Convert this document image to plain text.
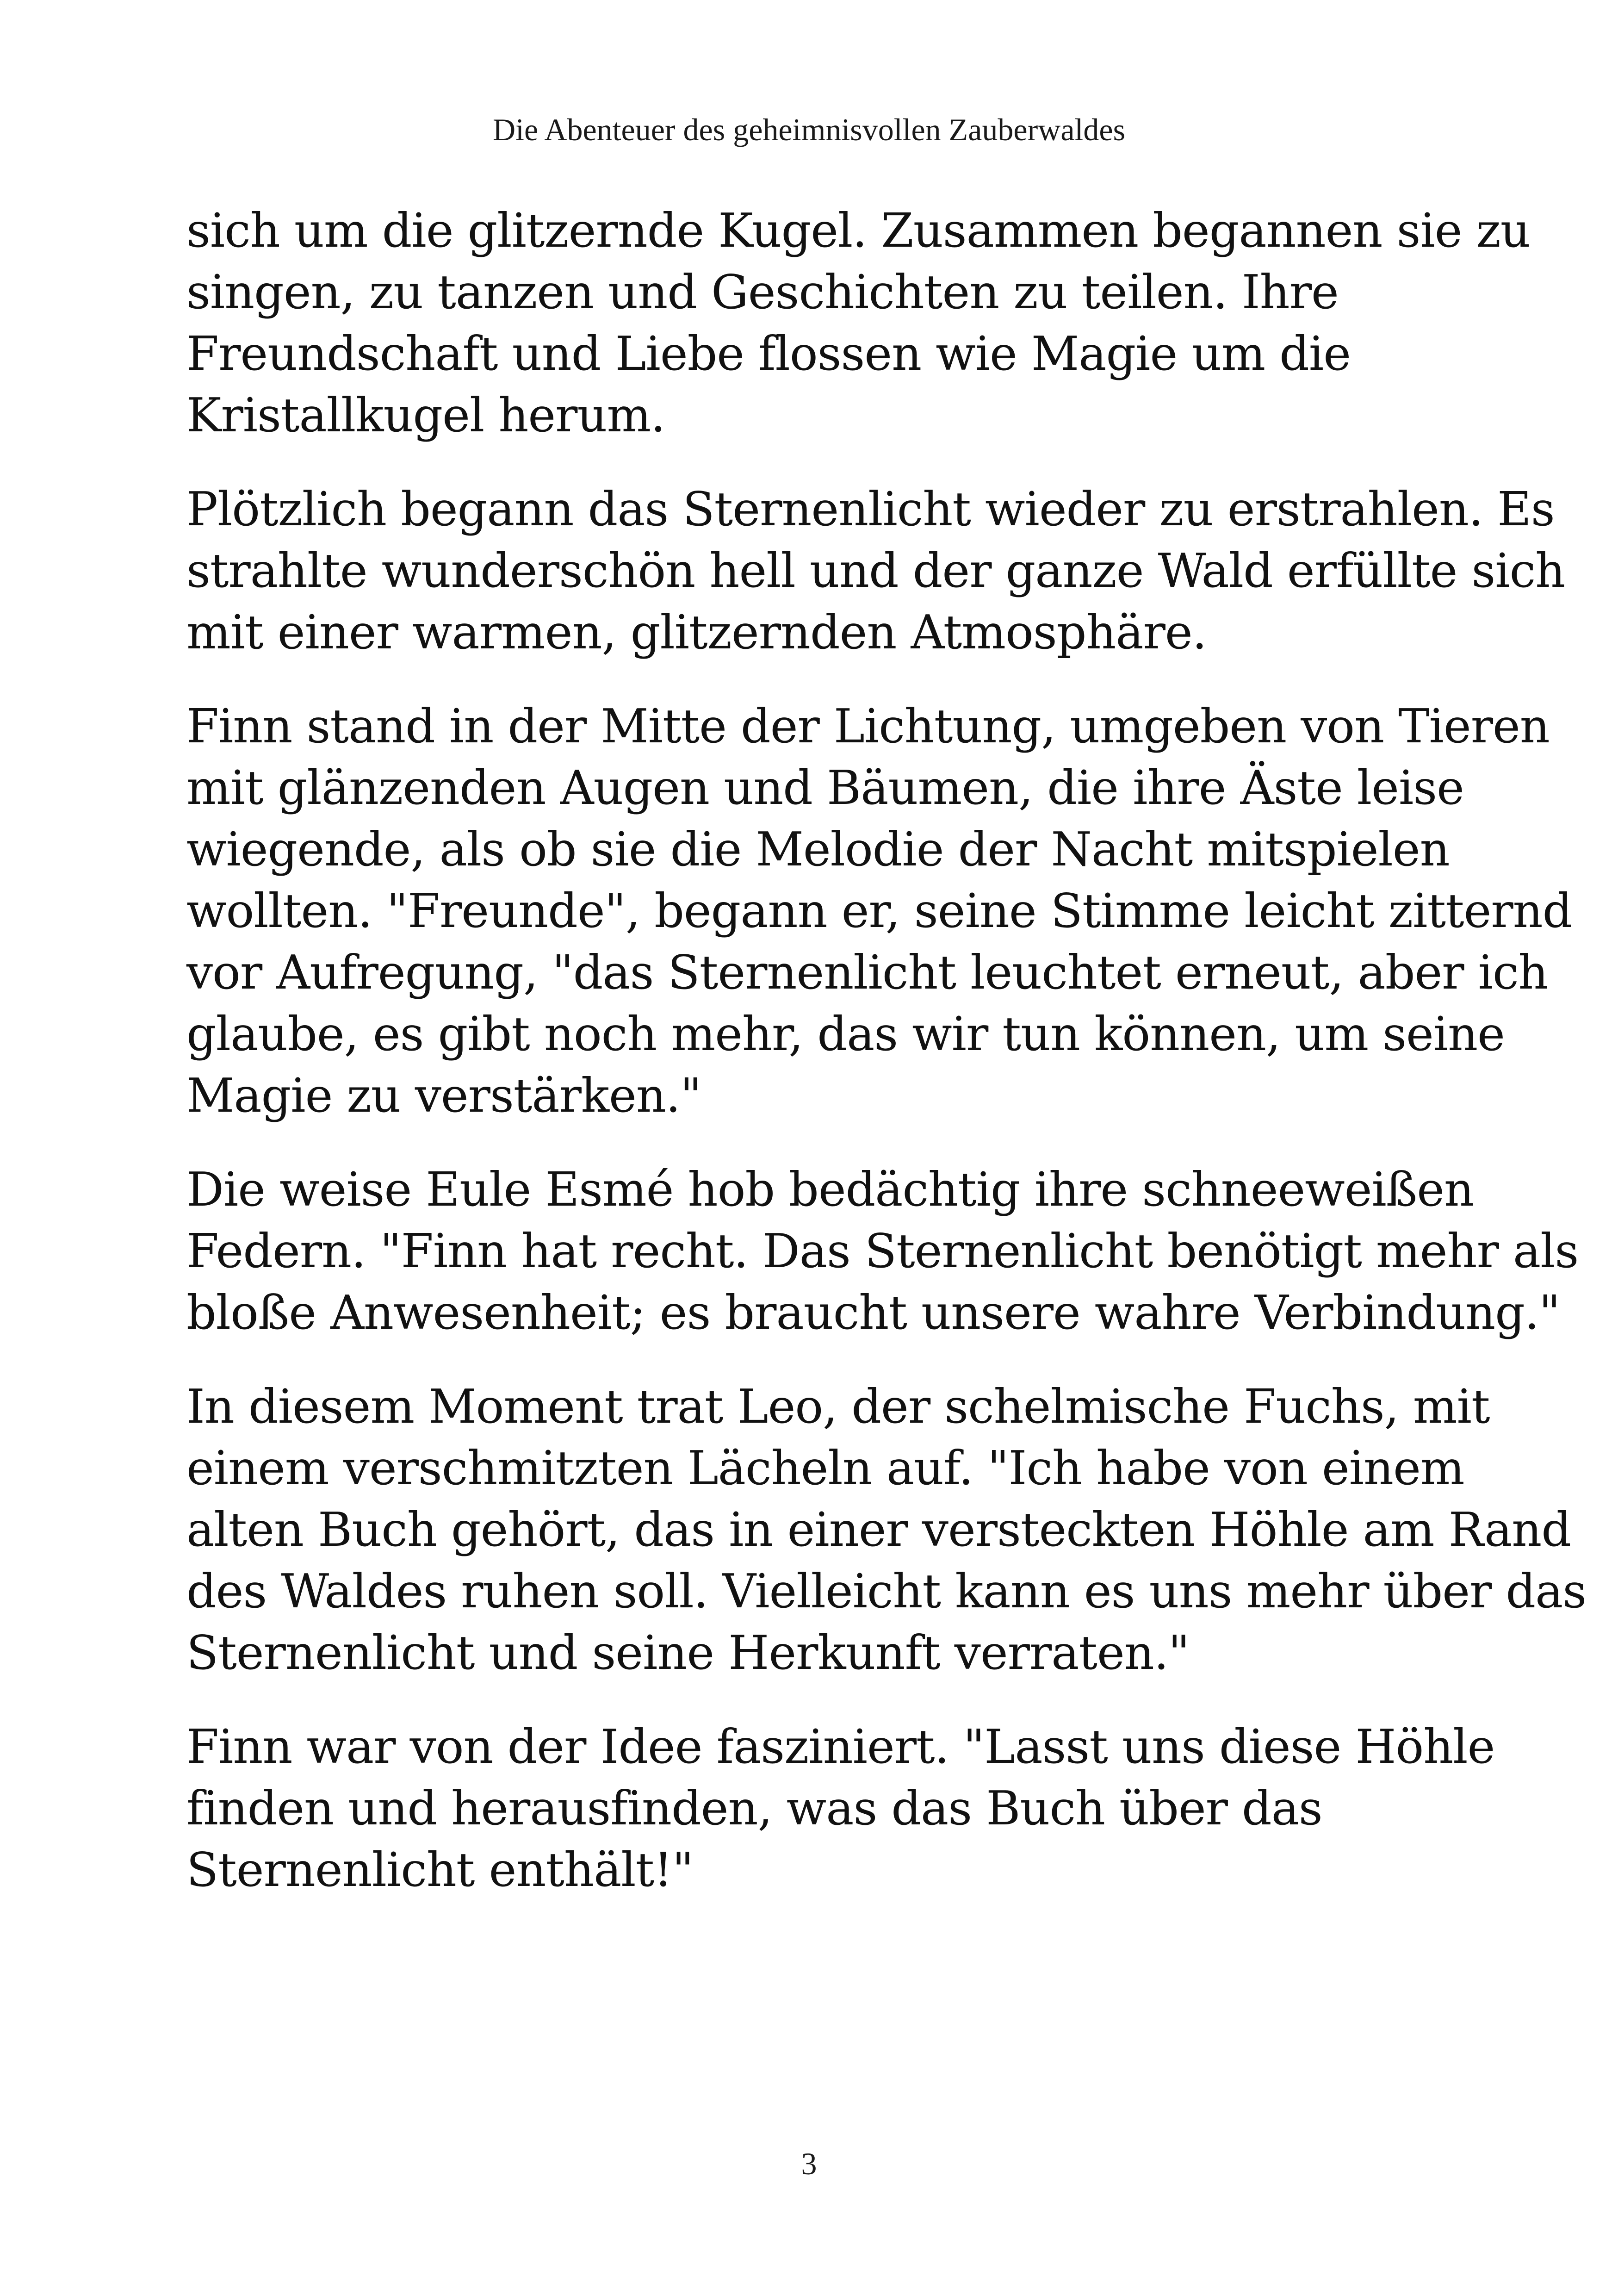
Die Abenteuer des geheimnisvollen Zauberwaldes

sich um die glitzernde Kugel. Zusammen begannen sie zu
singen, zu tanzen und Geschichten zu teilen. Ihre
Freundschaft und Liebe flossen wie Magie um die
Kristallkugel herum.

Plötzlich begann das Sternenlicht wieder zu erstrahlen. Es
strahlte wunderschön hell und der ganze Wald erfüllte sich
mit einer warmen, glitzernden Atmosphäre.

Finn stand in der Mitte der Lichtung, umgeben von Tieren
mit glänzenden Augen und Bäumen, die ihre Äste leise
wiegende, als ob sie die Melodie der Nacht mitspielen
wollten. "Freunde", begann er, seine Stimme leicht zitternd
vor Aufregung, "das Sternenlicht leuchtet erneut, aber ich
glaube, es gibt noch mehr, das wir tun können, um seine
Magie zu verstärken."

Die weise Eule Esmé hob bedächtig ihre schneeweißen
Federn. "Finn hat recht. Das Sternenlicht benötigt mehr als
bloße Anwesenheit; es braucht unsere wahre Verbindung."

In diesem Moment trat Leo, der schelmische Fuchs, mit
einem verschmitzten Lächeln auf. "Ich habe von einem
alten Buch gehört, das in einer versteckten Höhle am Rand
des Waldes ruhen soll. Vielleicht kann es uns mehr über das
Sternenlicht und seine Herkunft verraten."

Finn war von der Idee fasziniert. "Lasst uns diese Höhle
finden und herausfinden, was das Buch über das
Sternenlicht enthält!"

3
